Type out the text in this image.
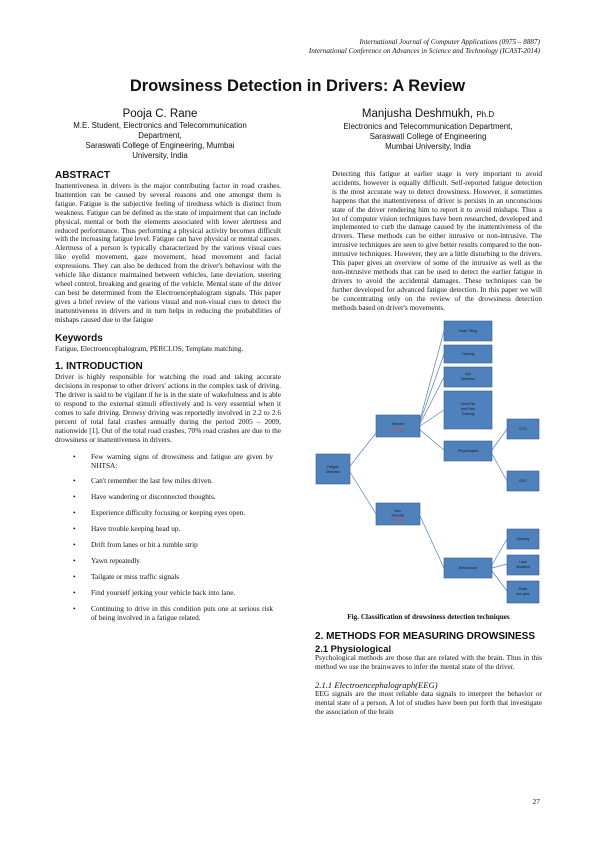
International Journal of Computer Applications (0975 – 8887)
International Conference on Advances in Science and Technology (ICAST-2014)
Drowsiness Detection in Drivers: A Review
Pooja C. Rane
M.E. Student, Electronics and Telecommunication
Department,
Saraswati College of Engineering, Mumbai
University, India
Manjusha Deshmukh, Ph.D
Electronics and Telecommunication Department,
Saraswati College of Engineering
Mumbai University, India
ABSTRACT

Inattentiveness in drivers is the major contributing factor in road crashes. Inattention can be caused by several reasons and one amongst them is fatigue. Fatigue is the subjective feeling of tiredness which is distinct from weakness. Fatigue can be defined as the state of impairment that can include physical, mental or both the elements associated with lower alertness and reduced performance. Thus performing a physical activity becomes difficult with the increasing fatigue level. Fatigue can have physical or mental causes. Alertness of a person is typically characterized by the various visual cues like eyelid movement, gaze movement, head movement and facial expressions. They can also be deduced from the driver's behaviour with the vehicle like distance maintained between vehicles, lane deviation, steering wheel control, breaking and gearing of the vehicle. Mental state of the driver can best be determined from the Electroencephalogram signals. This paper gives a brief review of the various visual and non-visual cues to detect the inattentiveness in drivers and in turn helps in reducing the probabilities of mishaps caused due to the fatigue

Keywords

Fatigue, Electroencephalogram, PERCLOS, Template matching.

1. INTRODUCTION

Driver is highly responsible for watching the road and taking accurate decisions in response to other drivers' actions in the complex task of driving. The driver is said to be vigilant if he is in the state of wakefulness and is able to respond to the external stimuli effectively and is very essential when it comes to safe driving. Drowsy driving was reportedly involved in 2.2 to 2.6 percent of total fatal crashes annually during the period 2005 – 2009, nationwide [1]. Out of the total road crashes, 70% road crashes are due to the drowsiness or inattentiveness in drivers.

• Few warning signs of drowsiness and fatigue are given by NHTSA:
• Can't remember the last few miles driven.
• Have wandering or disconnected thoughts.
• Experience difficulty focusing or keeping eyes open.
• Have trouble keeping head up.
• Drift from lanes or hit a rumble strip
• Yawn repeatedly
• Tailgate or miss traffic signals
• Find yourself jerking your vehicle back into lane.
• Continuing to drive in this condition puts one at serious risk of being involved in a fatigue related.

Detecting this fatigue at earlier stage is very important to avoid accidents, however is equally difficult. Self-reported fatigue detection is the most accurate way to detect drowsiness. However, it sometimes happens that the inattentiveness of driver is persists in an unconscious state of the driver rendering him to report it to avoid mishaps. Thus a lot of computer vision techniques have been researched, developed and implemented to curb the damage caused by the inattentiveness of the drivers. These methods can be either intrusive or non-intrusive. The intrusive techniques are seen to give better results compared to the non-intrusive techniques. However, they are a little disturbing to the drivers. This paper gives an overview of some of the intrusive as well as the non-intrusive methods that can be used to detect the earlier fatigue in drivers to avoid the accidental damages. These techniques can be further developed for advanced fatigue detection. In this paper we will be concentrating only on the review of the drowsiness detection methods based on driver's movements.

Fatigue
Detection
Intrusive
technique
Non-
intrusive
technique
Head Tilting
Yawning
Eye
Detection
Head Eye
and Face
Tracking
Physiological
ECG
EEG
Behavioural
Steering
Lane
deviation
Brake
and gear
Fig. Classification of drowsiness detection techniques
2. METHODS FOR MEASURING DROWSINESS
2.1 Physiological

Psychological methods are those that are related with the brain. Thus in this method we use the brainwaves to infer the mental state of the driver.

2.1.1 Electroencephalograph(EEG)

EEG signals are the most reliable data signals to interpret the behavior or mental state of a person. A lot of studies have been put forth that investigate the association of the brain

27
